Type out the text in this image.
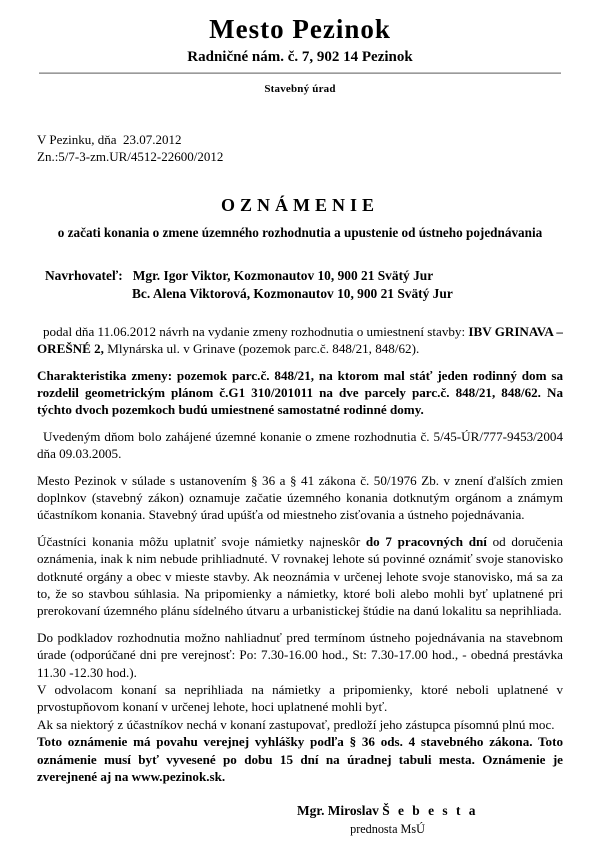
Mesto Pezinok
Radničné nám. č. 7, 902 14 Pezinok
Stavebný úrad
V Pezinku, dňa  23.07.2012
Zn.:5/7-3-zm.UR/4512-22600/2012
OZNÁMENIE
o začati konania o zmene územného rozhodnutia a upustenie od ústneho pojednávania
Navrhovateľ: Mgr. Igor Viktor, Kozmonautov 10, 900 21 Svätý Jur
Bc. Alena Viktorová, Kozmonautov 10, 900 21 Svätý Jur

podal dňa 11.06.2012 návrh na vydanie zmeny rozhodnutia o umiestnení stavby: IBV GRINAVA – OREŠNÉ 2, Mlynárska ul. v Grinave (pozemok parc.č. 848/21, 848/62).

Charakteristika zmeny: pozemok parc.č. 848/21, na ktorom mal stáť jeden rodinný dom sa rozdelil geometrickým plánom č.G1 310/201011 na dve parcely parc.č. 848/21, 848/62. Na týchto dvoch pozemkoch budú umiestnené samostatné rodinné domy.

Uvedeným dňom bolo zahájené územné konanie o zmene rozhodnutia č. 5/45-ÚR/777-9453/2004 dňa 09.03.2005.

Mesto Pezinok v súlade s ustanovením § 36 a § 41 zákona č. 50/1976 Zb. v znení ďalších zmien doplnkov (stavebný zákon) oznamuje začatie územného konania dotknutým orgánom a známym účastníkom konania. Stavebný úrad upúšťa od miestneho zisťovania a ústneho pojednávania.

Účastníci konania môžu uplatniť svoje námietky najneskôr do 7 pracovných dní od doručenia oznámenia, inak k nim nebude prihliadnuté. V rovnakej lehote sú povinné oznámiť svoje stanovisko dotknuté orgány a obec v mieste stavby. Ak neoznámia v určenej lehote svoje stanovisko, má sa za to, že so stavbou súhlasia. Na pripomienky a námietky, ktoré boli alebo mohli byť uplatnené pri prerokovaní územného plánu sídelného útvaru a urbanistickej štúdie na danú lokalitu sa neprihliada.

Do podkladov rozhodnutia možno nahliadnuť pred termínom ústneho pojednávania na stavebnom úrade (odporúčané dni pre verejnosť: Po: 7.30-16.00 hod., St: 7.30-17.00 hod., - obedná prestávka 11.30 -12.30 hod.).

V odvolacom konaní sa neprihliada na námietky a pripomienky, ktoré neboli uplatnené v prvostupňovom konaní v určenej lehote, hoci uplatnené mohli byť.

Ak sa niektorý z účastníkov nechá v konaní zastupovať, predloží jeho zástupca písomnú plnú moc.

Toto oznámenie má povahu verejnej vyhlášky podľa § 36 ods. 4 stavebného zákona. Toto oznámenie musí byť vyvesené po dobu 15 dní na úradnej tabuli mesta. Oznámenie je zverejnené aj na www.pezinok.sk.

Mgr. Miroslav Š e b e s t a
prednosta MsÚ
